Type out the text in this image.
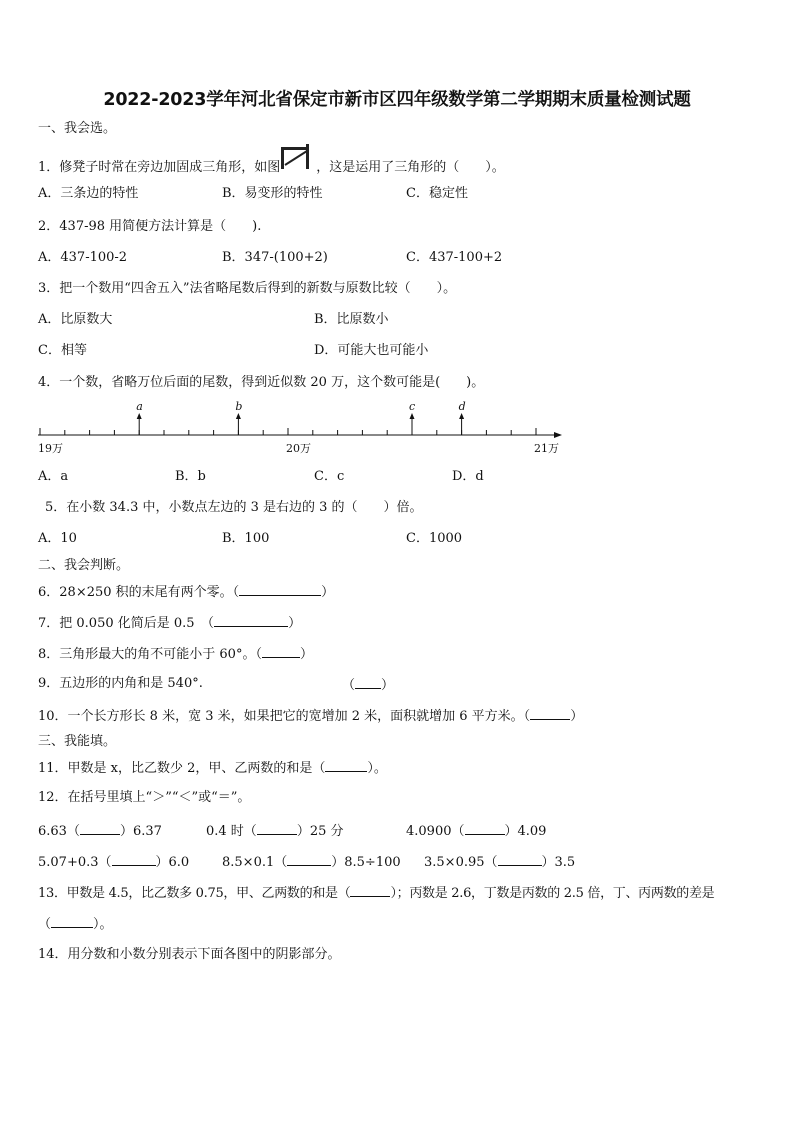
2022-2023学年河北省保定市新市区四年级数学第二学期期末质量检测试题
一、我会选。
1．修凳子时常在旁边加固成三角形，如图	，这是运用了三角形的（　　）。
A．三条边的特性	B．易变形的特性	C．稳定性
2．437-98 用简便方法计算是（　　).
A．437-100-2	B．347-(100+2)	C．437-100+2
3．把一个数用“四舍五入”法省略尾数后得到的新数与原数比较（　　）。
A．比原数大	B．比原数小
C．相等	D．可能大也可能小
4．一个数，省略万位后面的尾数，得到近似数 20 万，这个数可能是(　　)。
a	b	c	d
19万	20万	21万
A．a	B．b	C．c	D．d
5．在小数 34.3 中，小数点左边的 3 是右边的 3 的（　　）倍。
A．10	B．100	C．1000
二、我会判断。
6．28×250 积的末尾有两个零。（	）
7．把 0.050 化简后是 0.5　（	）
8．三角形最大的角不可能小于 60°。（	）
9．五边形的内角和是 540°.	（ ）
10．一个长方形长 8 米，宽 3 米，如果把它的宽增加 2 米，面积就增加 6 平方米。（	）
三、我能填。
11．甲数是 x，比乙数少 2，甲、乙两数的和是（	）。
12．在括号里填上“＞”“＜”或“＝”。
6.63（	）6.37	0.4 时（	）25 分	4.0900（	）4.09
5.07+0.3（	）6.0	8.5×0.1（	）8.5÷100 3.5×0.95（	）3.5
13．甲数是 4.5，比乙数多 0.75，甲、乙两数的和是（	）；丙数是 2.6，丁数是丙数的 2.5 倍，丁、丙两数的差是
（	）。
14．用分数和小数分别表示下面各图中的阴影部分。
